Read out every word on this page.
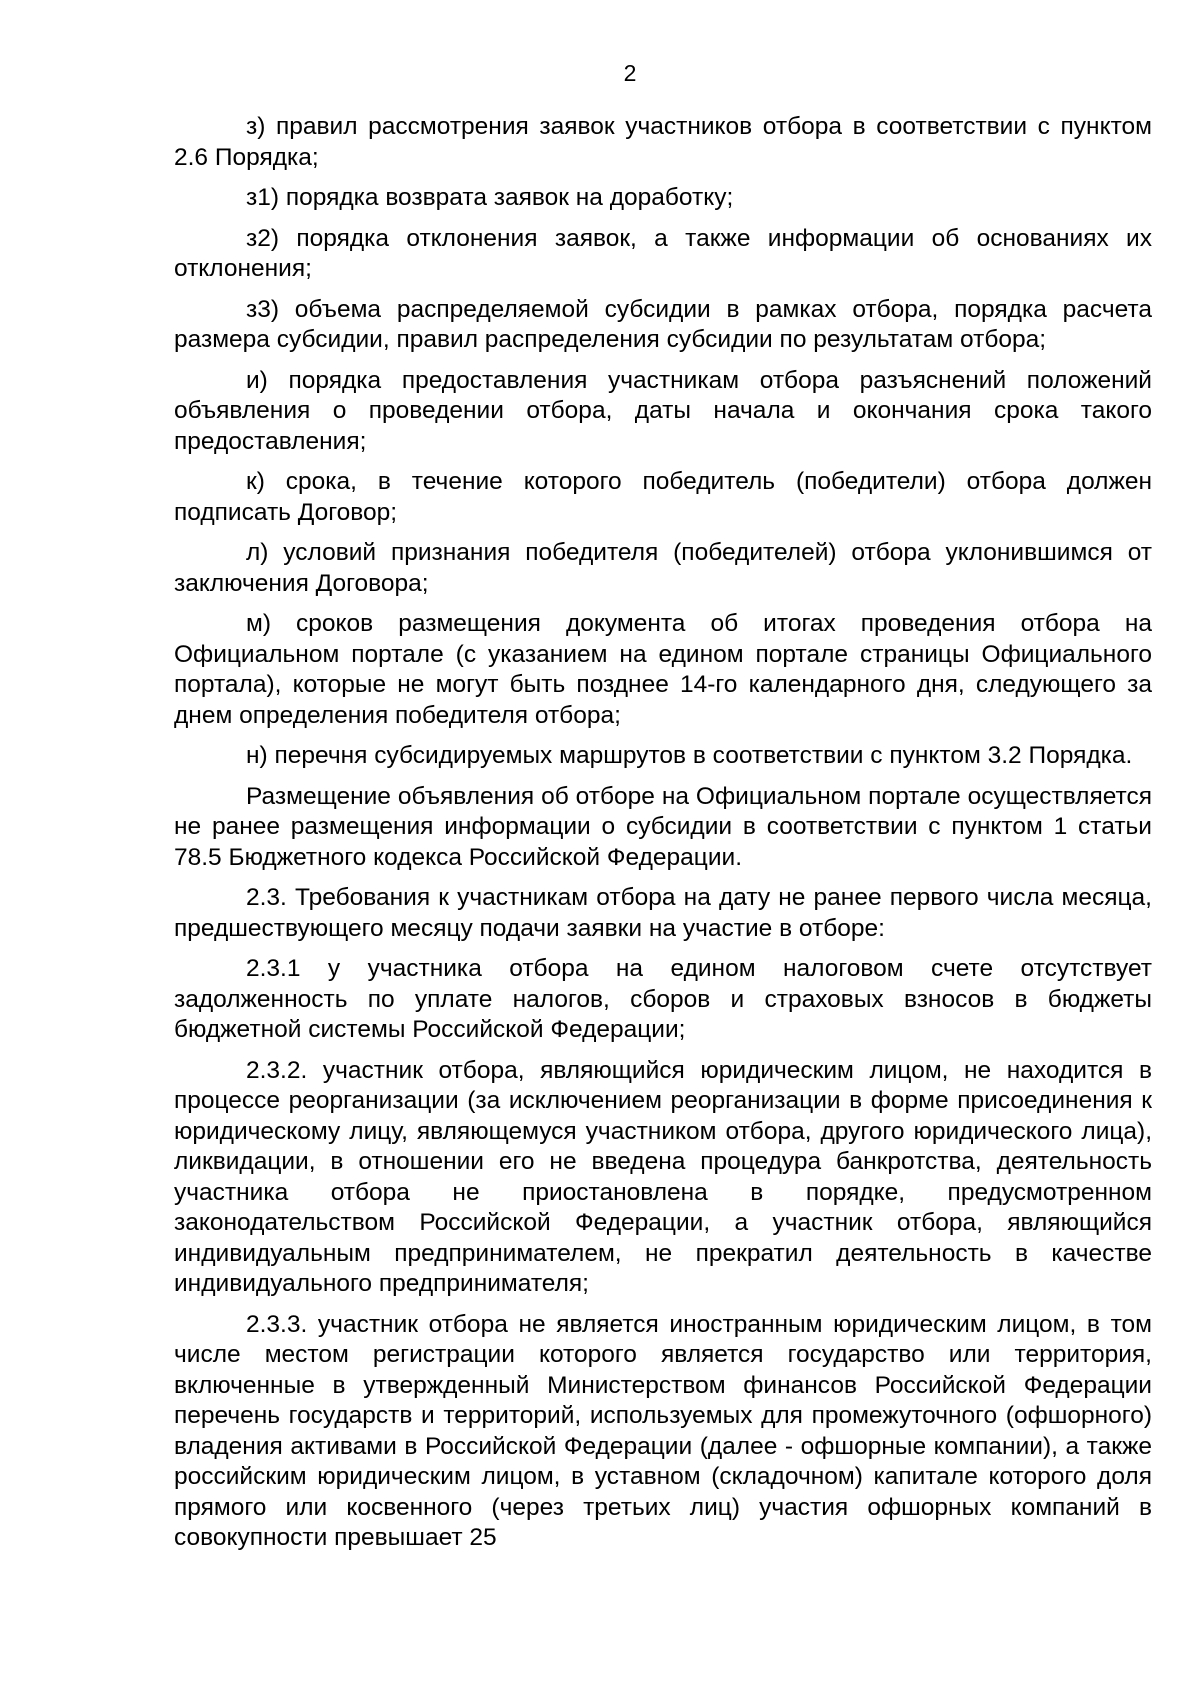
2

з) правил рассмотрения заявок участников отбора в соответствии с пунктом 2.6 Порядка;

з1) порядка возврата заявок на доработку;

з2) порядка отклонения заявок, а также информации об основаниях их отклонения;

з3) объема распределяемой субсидии в рамках отбора, порядка расчета размера субсидии, правил распределения субсидии по результатам отбора;

и) порядка предоставления участникам отбора разъяснений положений объявления о проведении отбора, даты начала и окончания срока такого предоставления;

к) срока, в течение которого победитель (победители) отбора должен подписать Договор;

л) условий признания победителя (победителей) отбора уклонившимся от заключения Договора;

м) сроков размещения документа об итогах проведения отбора на Официальном портале (с указанием на едином портале страницы Официального портала), которые не могут быть позднее 14-го календарного дня, следующего за днем определения победителя отбора;

н) перечня субсидируемых маршрутов в соответствии с пунктом 3.2 Порядка.

Размещение объявления об отборе на Официальном портале осуществляется не ранее размещения информации о субсидии в соответствии с пунктом 1 статьи 78.5 Бюджетного кодекса Российской Федерации.

2.3. Требования к участникам отбора на дату не ранее первого числа месяца, предшествующего месяцу подачи заявки на участие в отборе:

2.3.1 у участника отбора на едином налоговом счете отсутствует задолженность по уплате налогов, сборов и страховых взносов в бюджеты бюджетной системы Российской Федерации;

2.3.2. участник отбора, являющийся юридическим лицом, не находится в процессе реорганизации (за исключением реорганизации в форме присоединения к юридическому лицу, являющемуся участником отбора, другого юридического лица), ликвидации, в отношении его не введена процедура банкротства, деятельность участника отбора не приостановлена в порядке, предусмотренном законодательством Российской Федерации, а участник отбора, являющийся индивидуальным предпринимателем, не прекратил деятельность в качестве индивидуального предпринимателя;

2.3.3. участник отбора не является иностранным юридическим лицом, в том числе местом регистрации которого является государство или территория, включенные в утвержденный Министерством финансов Российской Федерации перечень государств и территорий, используемых для промежуточного (офшорного) владения активами в Российской Федерации (далее - офшорные компании), а также российским юридическим лицом, в уставном (складочном) капитале которого доля прямого или косвенного (через третьих лиц) участия офшорных компаний в совокупности превышает 25
